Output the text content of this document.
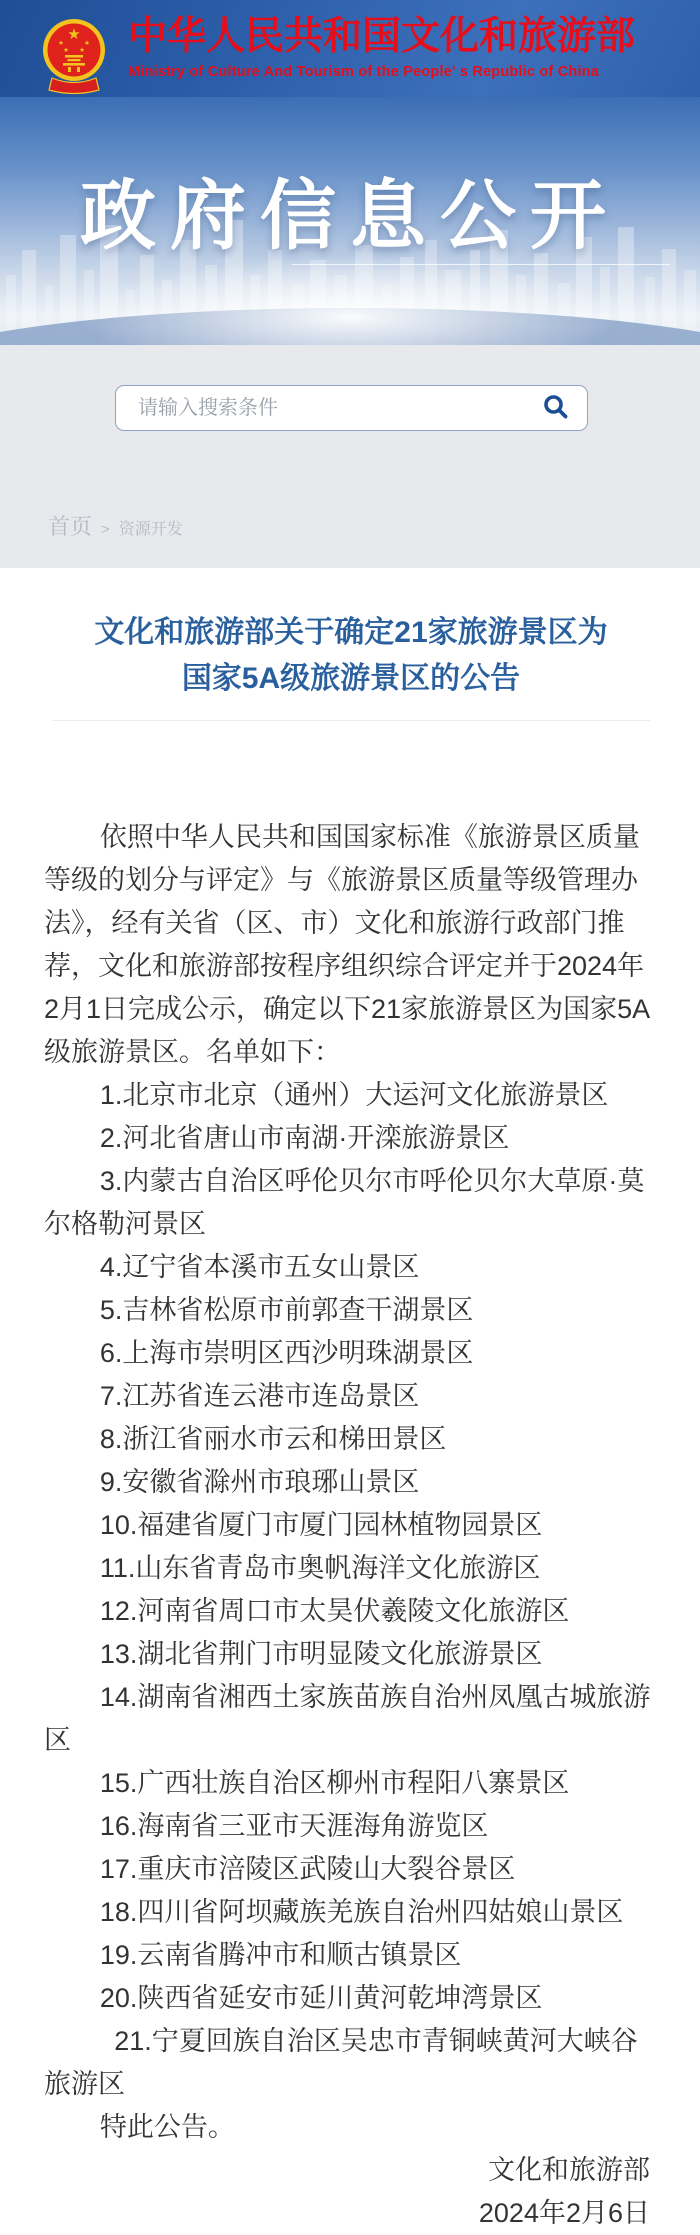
★
★	★
★ ★ 中华人民共和国文化和旅游部
Ministry of Culture And Tourism of the People' s Republic of China
政府信息公开
请输入搜索条件
首页 > 资源开发
文化和旅游部关于确定21家旅游景区为
国家5A级旅游景区的公告

依照中华人民共和国国家标准《旅游景区质量等级的划分与评定》与《旅游景区质量等级管理办法》，经有关省（区、市）文化和旅游行政部门推荐，文化和旅游部按程序组织综合评定并于2024年2月1日完成公示，确定以下21家旅游景区为国家5A级旅游景区。名单如下：

1.北京市北京（通州）大运河文化旅游景区

2.河北省唐山市南湖·开滦旅游景区

3.内蒙古自治区呼伦贝尔市呼伦贝尔大草原·莫尔格勒河景区

4.辽宁省本溪市五女山景区

5.吉林省松原市前郭查干湖景区

6.上海市崇明区西沙明珠湖景区

7.江苏省连云港市连岛景区

8.浙江省丽水市云和梯田景区

9.安徽省滁州市琅琊山景区

10.福建省厦门市厦门园林植物园景区

11.山东省青岛市奥帆海洋文化旅游区

12.河南省周口市太昊伏羲陵文化旅游区

13.湖北省荆门市明显陵文化旅游景区

14.湖南省湘西土家族苗族自治州凤凰古城旅游区

15.广西壮族自治区柳州市程阳八寨景区

16.海南省三亚市天涯海角游览区

17.重庆市涪陵区武陵山大裂谷景区

18.四川省阿坝藏族羌族自治州四姑娘山景区

19.云南省腾冲市和顺古镇景区

20.陕西省延安市延川黄河乾坤湾景区

21.宁夏回族自治区吴忠市青铜峡黄河大峡谷旅游区

特此公告。

文化和旅游部

2024年2月6日
